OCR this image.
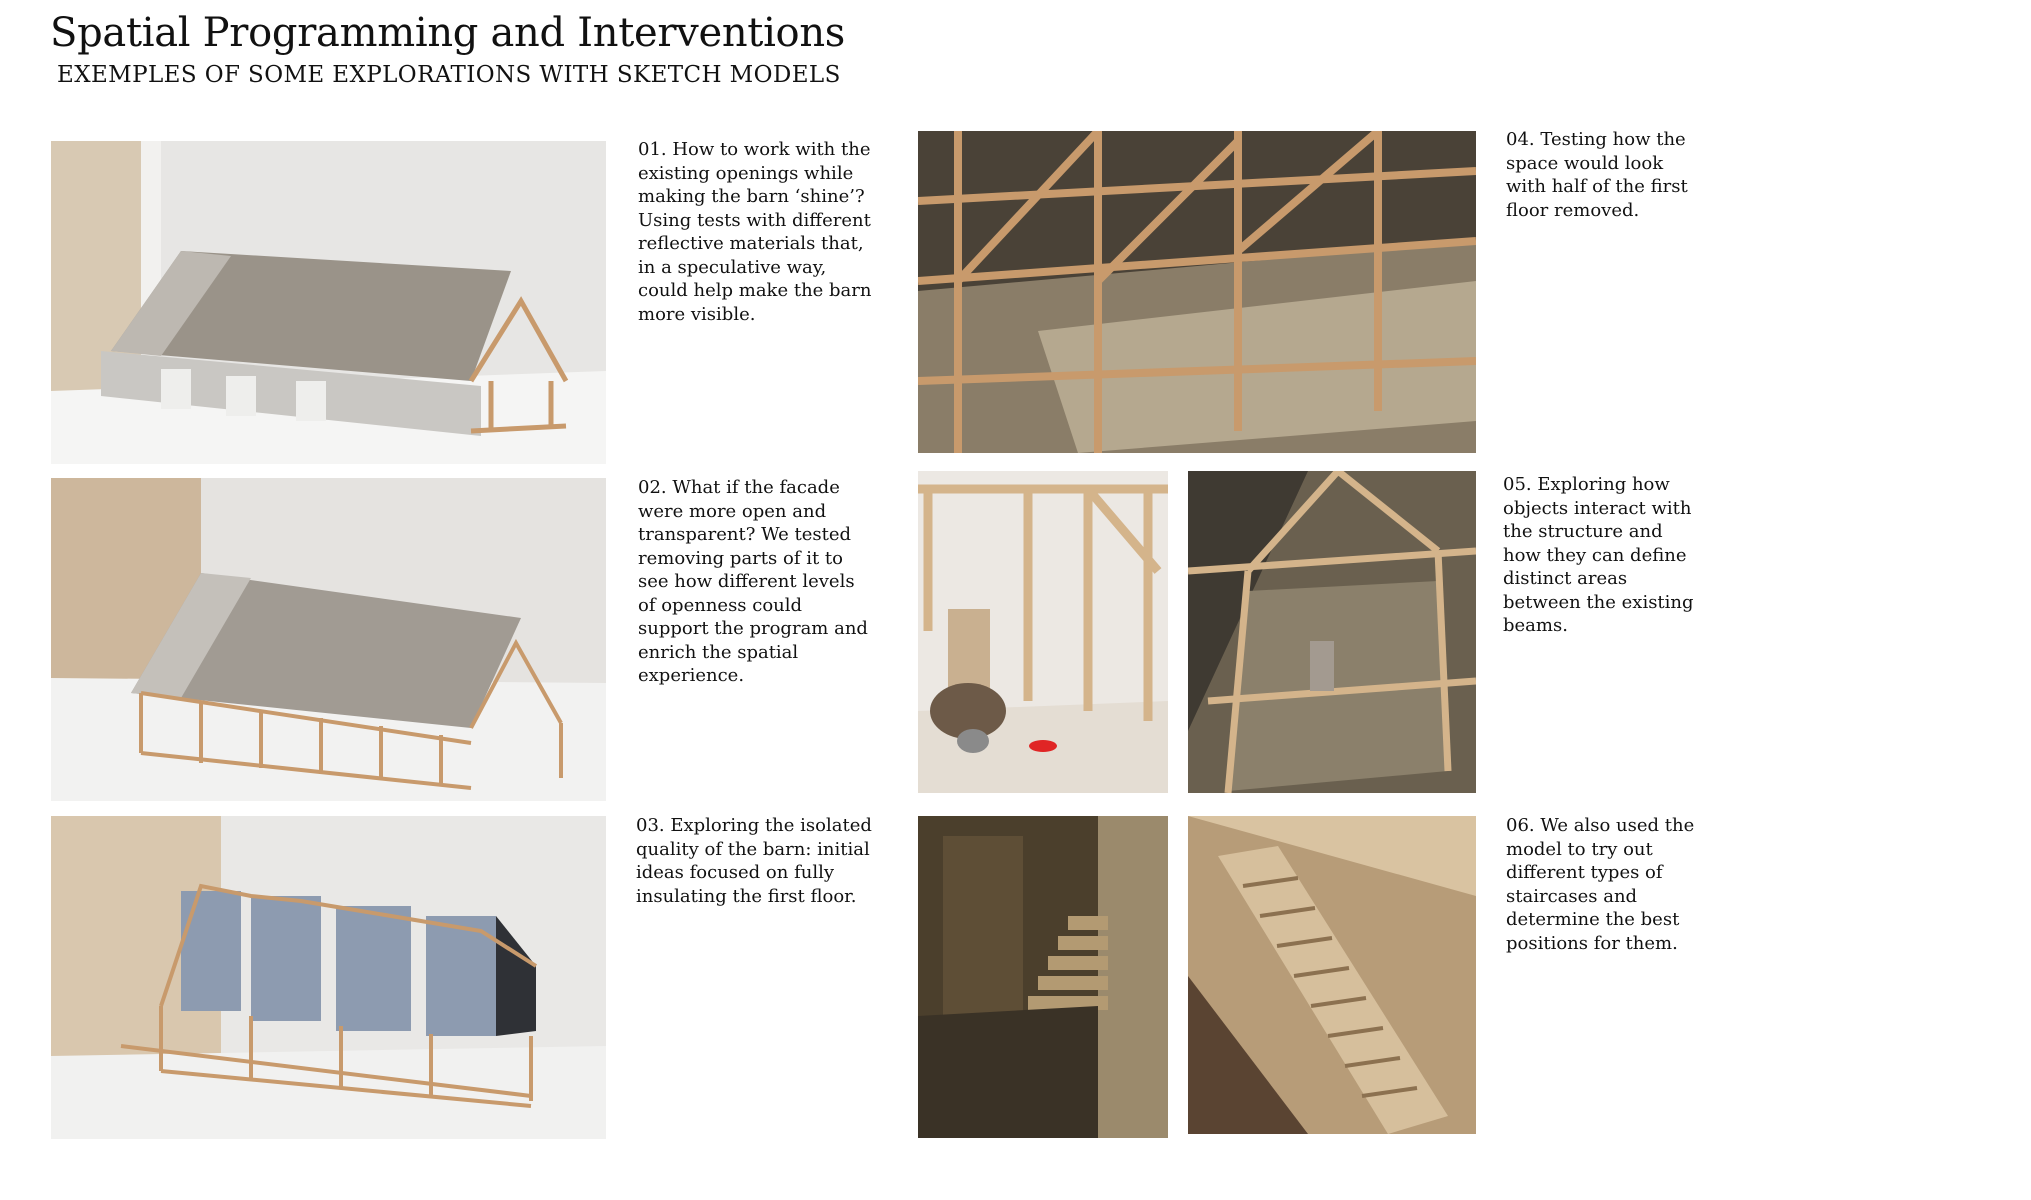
Spatial Programming and Interventions
EXEMPLES OF SOME EXPLORATIONS WITH SKETCH MODELS

01. How to work with the existing openings while making the barn ‘shine’? Using tests with different reflective materials that, in a speculative way, could help make the barn more visible.

02. What if the facade were more open and transparent? We tested removing parts of it to see how different levels of openness could support the program and enrich the spatial experience.

03. Exploring the isolated quality of the barn: initial ideas focused on fully insulating the first floor.

04. Testing how the space would look with half of the first floor removed.

05. Exploring how objects interact with the structure and how they can define distinct areas between the existing beams.

06. We also used the model to try out different types of staircases and determine the best positions for them.
